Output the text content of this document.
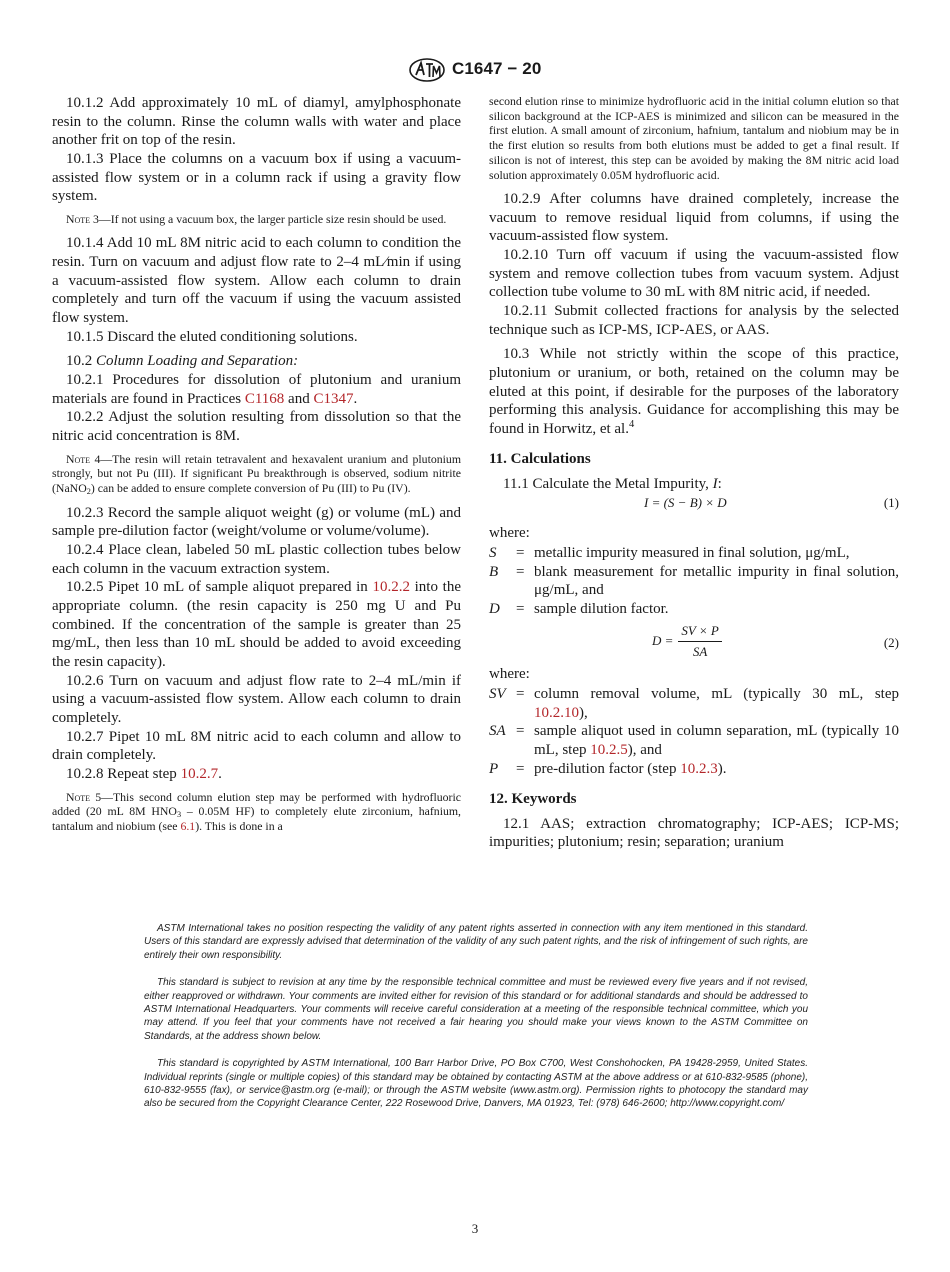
C1647 − 20

10.1.2 Add approximately 10 mL of diamyl, amylphosphonate resin to the column. Rinse the column walls with water and place another frit on top of the resin.

10.1.3 Place the columns on a vacuum box if using a vacuum-assisted flow system or in a column rack if using a gravity flow system.

Note 3—If not using a vacuum box, the larger particle size resin should be used.

10.1.4 Add 10 mL 8M nitric acid to each column to condition the resin. Turn on vacuum and adjust flow rate to 2–4 mL⁄min if using a vacuum-assisted flow system. Allow each column to drain completely and turn off the vacuum if using the vacuum assisted flow system.

10.1.5 Discard the eluted conditioning solutions.

10.2 Column Loading and Separation:

10.2.1 Procedures for dissolution of plutonium and uranium materials are found in Practices C1168 and C1347.

10.2.2 Adjust the solution resulting from dissolution so that the nitric acid concentration is 8M.

Note 4—The resin will retain tetravalent and hexavalent uranium and plutonium strongly, but not Pu (III). If significant Pu breakthrough is observed, sodium nitrite (NaNO$_2$) can be added to ensure complete conversion of Pu (III) to Pu (IV).

10.2.3 Record the sample aliquot weight (g) or volume (mL) and sample pre-dilution factor (weight/volume or volume/volume).

10.2.4 Place clean, labeled 50 mL plastic collection tubes below each column in the vacuum extraction system.

10.2.5 Pipet 10 mL of sample aliquot prepared in 10.2.2 into the appropriate column. (the resin capacity is 250 mg U and Pu combined. If the concentration of the sample is greater than 25 mg/mL, then less than 10 mL should be added to avoid exceeding the resin capacity).

10.2.6 Turn on vacuum and adjust flow rate to 2–4 mL/min if using a vacuum-assisted flow system. Allow each column to drain completely.

10.2.7 Pipet 10 mL 8M nitric acid to each column and allow to drain completely.

10.2.8 Repeat step 10.2.7.

Note 5—This second column elution step may be performed with hydrofluoric added (20 mL 8M $HNO_3 - 0.05M$ HF) to completely elute zirconium, hafnium, tantalum and niobium (see 6.1). This is done in a

second elution rinse to minimize hydrofluoric acid in the initial column elution so that silicon background at the ICP-AES is minimized and silicon can be measured in the first elution. A small amount of zirconium, hafnium, tantalum and niobium may be in the first elution so results from both elutions must be added to get a final result. If silicon is not of interest, this step can be avoided by making the 8M nitric acid load solution approximately 0.05M hydrofluoric acid.

10.2.9 After columns have drained completely, increase the vacuum to remove residual liquid from columns, if using the vacuum-assisted flow system.

10.2.10 Turn off vacuum if using the vacuum-assisted flow system and remove collection tubes from vacuum system. Adjust collection tube volume to 30 mL with 8M nitric acid, if needed.

10.2.11 Submit collected fractions for analysis by the selected technique such as ICP-MS, ICP-AES, or AAS.

10.3 While not strictly within the scope of this practice, plutonium or uranium, or both, retained on the column may be eluted at this point, if desirable for the purposes of the laboratory performing this analysis. Guidance for accomplishing this may be found in Horwitz, et al.$^4$

11. Calculations

11.1 Calculate the Metal Impurity, I:

I = (S − B) × D	(1)

where:

S	= metallic impurity measured in final solution, μg/mL,
B	= blank measurement for metallic impurity in final solution, μg/mL, and
D	= sample dilution factor.
$D = \frac{SV \times P}{SA}$	(2)

where:

SV = column removal volume, mL (typically 30 mL, step 10.2.10),
SA = sample aliquot used in column separation, mL (typically 10 mL, step 10.2.5), and
P	= pre-dilution factor (step 10.2.3).

12. Keywords

12.1 AAS; extraction chromatography; ICP-AES; ICP-MS; impurities; plutonium; resin; separation; uranium

ASTM International takes no position respecting the validity of any patent rights asserted in connection with any item mentioned in this standard. Users of this standard are expressly advised that determination of the validity of any such patent rights, and the risk of infringement of such rights, are entirely their own responsibility.

This standard is subject to revision at any time by the responsible technical committee and must be reviewed every five years and if not revised, either reapproved or withdrawn. Your comments are invited either for revision of this standard or for additional standards and should be addressed to ASTM International Headquarters. Your comments will receive careful consideration at a meeting of the responsible technical committee, which you may attend. If you feel that your comments have not received a fair hearing you should make your views known to the ASTM Committee on Standards, at the address shown below.

This standard is copyrighted by ASTM International, 100 Barr Harbor Drive, PO Box C700, West Conshohocken, PA 19428-2959, United States. Individual reprints (single or multiple copies) of this standard may be obtained by contacting ASTM at the above address or at 610-832-9585 (phone), 610-832-9555 (fax), or service@astm.org (e-mail); or through the ASTM website (www.astm.org). Permission rights to photocopy the standard may also be secured from the Copyright Clearance Center, 222 Rosewood Drive, Danvers, MA 01923, Tel: (978) 646-2600; http://www.copyright.com/

3
